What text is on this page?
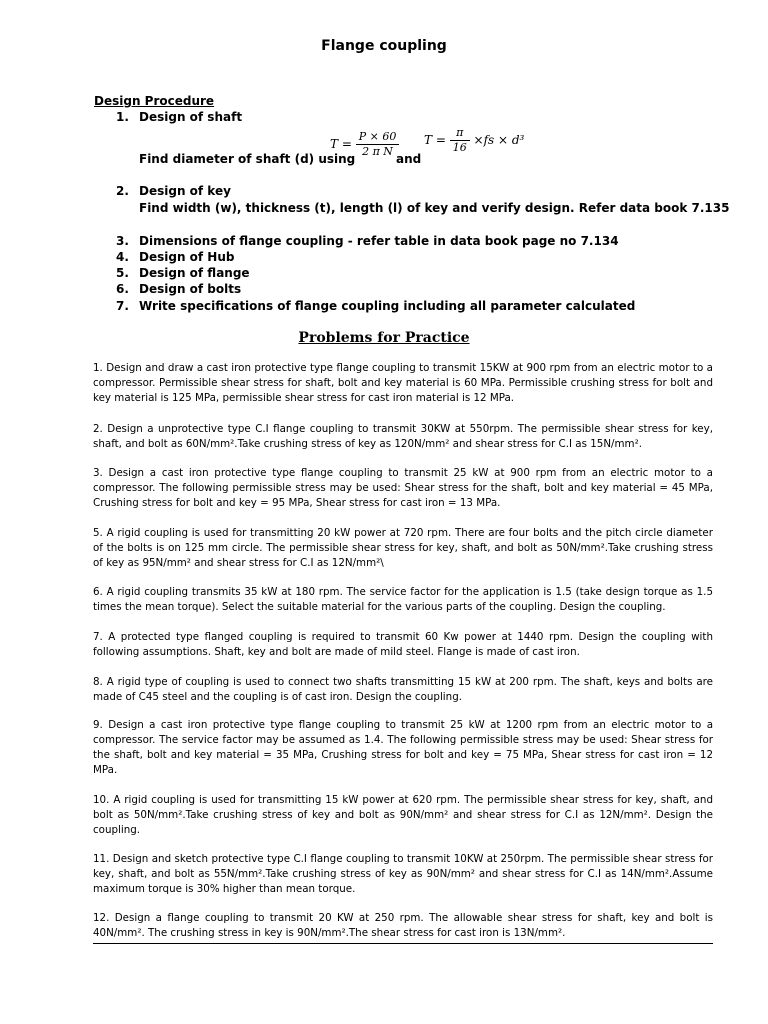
Flange coupling
Design Procedure
1. Design of shaft
Find diameter of shaft (d) using
$T = \frac{P \times 60}{\text{2 π N}}$
and
$T = \frac{\pi}{16} \times fs \times d^3$
2. Design of key
Find width (w), thickness (t), length (l) of key and verify design. Refer data book 7.135
3. Dimensions of flange coupling - refer table in data book page no 7.134
4. Design of Hub
5. Design of flange
6. Design of bolts
7. Write specifications of flange coupling including all parameter calculated
Problems for Practice
1. Design and draw a cast iron protective type flange coupling to transmit 15KW at 900 rpm from an electric motor to a compressor. Permissible shear stress for shaft, bolt and key material is 60 MPa. Permissible crushing stress for bolt and key material is 125 MPa, permissible shear stress for cast iron material is 12 MPa.
2. Design a unprotective type C.I flange coupling to transmit 30KW at 550rpm. The permissible shear stress for key, shaft, and bolt as 60N/mm².Take crushing stress of key as 120N/mm² and shear stress for C.I as 15N/mm².
3. Design a cast iron protective type flange coupling to transmit 25 kW at 900 rpm from an electric motor to a compressor. The following permissible stress may be used: Shear stress for the shaft, bolt and key material = 45 MPa, Crushing stress for bolt and key = 95 MPa, Shear stress for cast iron = 13 MPa.
5. A rigid coupling is used for transmitting 20 kW power at 720 rpm. There are four bolts and the pitch circle diameter of the bolts is on 125 mm circle. The permissible shear stress for key, shaft, and bolt as 50N/mm².Take crushing stress of key as 95N/mm² and shear stress for C.I as 12N/mm²\
6. A rigid coupling transmits 35 kW at 180 rpm. The service factor for the application is 1.5 (take design torque as 1.5 times the mean torque). Select the suitable material for the various parts of the coupling. Design the coupling.
7. A protected type flanged coupling is required to transmit 60 Kw power at 1440 rpm. Design the coupling with following assumptions. Shaft, key and bolt are made of mild steel. Flange is made of cast iron.
8. A rigid type of coupling is used to connect two shafts transmitting 15 kW at 200 rpm. The shaft, keys and bolts are made of C45 steel and the coupling is of cast iron. Design the coupling.
9. Design a cast iron protective type flange coupling to transmit 25 kW at 1200 rpm from an electric motor to a compressor. The service factor may be assumed as 1.4. The following permissible stress may be used: Shear stress for the shaft, bolt and key material = 35 MPa, Crushing stress for bolt and key = 75 MPa, Shear stress for cast iron = 12 MPa.
10. A rigid coupling is used for transmitting 15 kW power at 620 rpm. The permissible shear stress for key, shaft, and bolt as 50N/mm².Take crushing stress of key and bolt as 90N/mm² and shear stress for C.I as 12N/mm². Design the coupling.
11. Design and sketch protective type C.I flange coupling to transmit 10KW at 250rpm. The permissible shear stress for key, shaft, and bolt as 55N/mm².Take crushing stress of key as 90N/mm² and shear stress for C.I as 14N/mm².Assume maximum torque is 30% higher than mean torque.
12. Design a flange coupling to transmit 20 KW at 250 rpm. The allowable shear stress for shaft, key and bolt is 40N/mm². The crushing stress in key is 90N/mm².The shear stress for cast iron is 13N/mm².
